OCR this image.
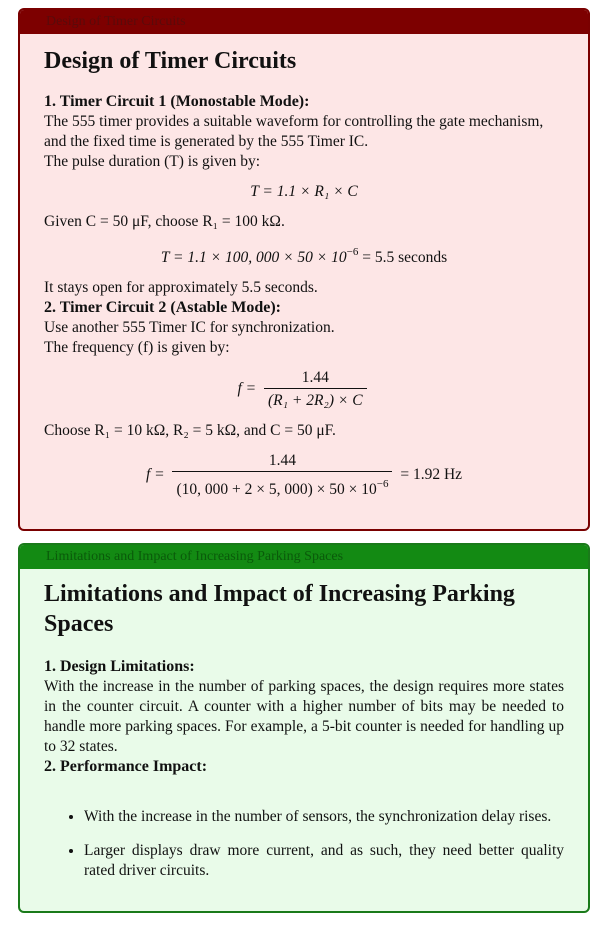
Design of Timer Circuits
Design of Timer Circuits

1. Timer Circuit 1 (Monostable Mode):

The 555 timer provides a suitable waveform for controlling the gate mechanism, and the fixed time is generated by the 555 Timer IC.

The pulse duration (T) is given by:

T = 1.1 × R₁ × C

Given C = 50 μF, choose R₁ = 100 kΩ.

T = 1.1 × 100, $000 \times 50 \times 10^{-6} = 5.5$ seconds

It stays open for approximately 5.5 seconds.

2. Timer Circuit 2 (Astable Mode):

Use another 555 Timer IC for synchronization.

The frequency (f) is given by:

$f = \frac{1.44}{\text{(R₁ + 2R₂) × C}}$

Choose R₁ = 10 kΩ, R₂ = 5 kΩ, and C = 50 μF.

$f = \frac{1.44}{(10, 000 + 2 \times 5, 000) \times 50 \times 10^{-6}} = 1.92$ Hz
Limitations and Impact of Increasing Parking Spaces
Limitations and Impact of Increasing Parking Spaces

1. Design Limitations:

With the increase in the number of parking spaces, the design requires more states in the counter circuit. A counter with a higher number of bits may be needed to handle more parking spaces. For example, a 5-bit counter is needed for handling up to 32 states.

2. Performance Impact:

• With the increase in the number of sensors, the synchronization delay rises.
• Larger displays draw more current, and as such, they need better quality rated driver circuits.
